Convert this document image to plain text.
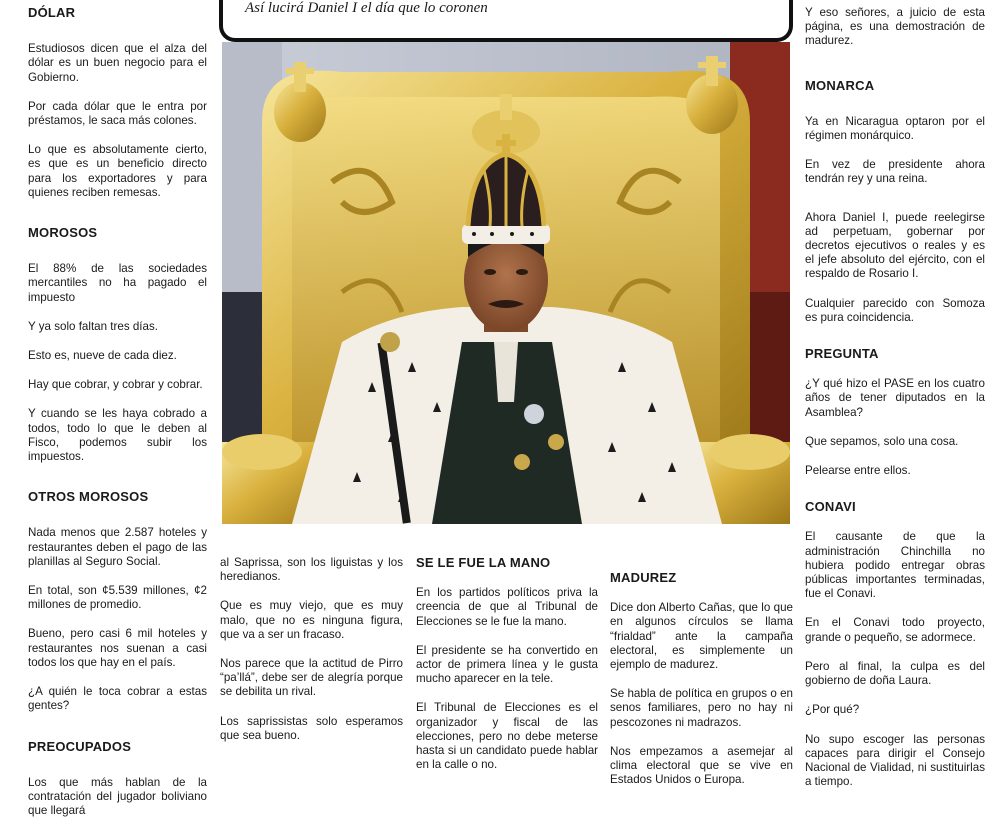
DÓLAR

Estudiosos dicen que el alza del dólar es un buen negocio para el Gobierno.

Por cada dólar que le entra por préstamos, le saca más colones.

Lo que es absolutamente cierto, es que es un beneficio directo para los exportadores y para quienes reciben remesas.

MOROSOS

El 88% de las sociedades mercantiles no ha pagado el impuesto

Y ya solo faltan tres días.

Esto es, nueve de cada diez.

Hay que cobrar, y cobrar y cobrar.

Y cuando se les haya cobrado a todos, todo lo que le deben al Fisco, podemos subir los impuestos.

OTROS MOROSOS

Nada menos que 2.587 hoteles y restaurantes deben el pago de las planillas al Seguro Social.

En total, son ¢5.539 millones, ¢2 millones de promedio.

Bueno, pero casi 6 mil hoteles y restaurantes nos suenan a casi todos los que hay en el país.

¿A quién le toca cobrar a estas gentes?

PREOCUPADOS

Los que más hablan de la contratación del jugador boliviano que llegará

Así lucirá Daniel I el día que lo coronen

al Saprissa, son los liguistas y los heredianos.

Que es muy viejo, que es muy malo, que no es ninguna figura, que va a ser un fracaso.

Nos parece que la actitud de Pirro “pa’llá”, debe ser de alegría porque se debilita un rival.

Los saprissistas solo esperamos que sea bueno.

SE LE FUE LA MANO

En los partidos políticos priva la creencia de que al Tribunal de Elecciones se le fue la mano.

El presidente se ha convertido en actor de primera línea y le gusta mucho aparecer en la tele.

El Tribunal de Elecciones es el organizador y fiscal de las elecciones, pero no debe meterse hasta si un candidato puede hablar en la calle o no.

MADUREZ

Dice don Alberto Cañas, que lo que en algunos círculos se llama “frialdad” ante la campaña electoral, es simplemente un ejemplo de madurez.

Se habla de política en grupos o en senos familiares, pero no hay ni pescozones ni madrazos.

Nos empezamos a asemejar al clima electoral que se vive en Estados Unidos o Europa.

Y eso señores, a juicio de esta página, es una demostración de madurez.

MONARCA

Ya en Nicaragua optaron por el régimen monárquico.

En vez de presidente ahora tendrán rey y una reina.

Ahora Daniel I, puede reelegirse ad perpetuam, gobernar por decretos ejecutivos o reales y es el jefe absoluto del ejército, con el respaldo de Rosario I.

Cualquier parecido con Somoza es pura coincidencia.

PREGUNTA

¿Y qué hizo el PASE en los cuatro años de tener diputados en la Asamblea?

Que sepamos, solo una cosa.

Pelearse entre ellos.

CONAVI

El causante de que la administración Chinchilla no hubiera podido entregar obras públicas importantes terminadas, fue el Conavi.

En el Conavi todo proyecto, grande o pequeño, se adormece.

Pero al final, la culpa es del gobierno de doña Laura.

¿Por qué?

No supo escoger las personas capaces para dirigir el Consejo Nacional de Vialidad, ni sustituirlas a tiempo.
